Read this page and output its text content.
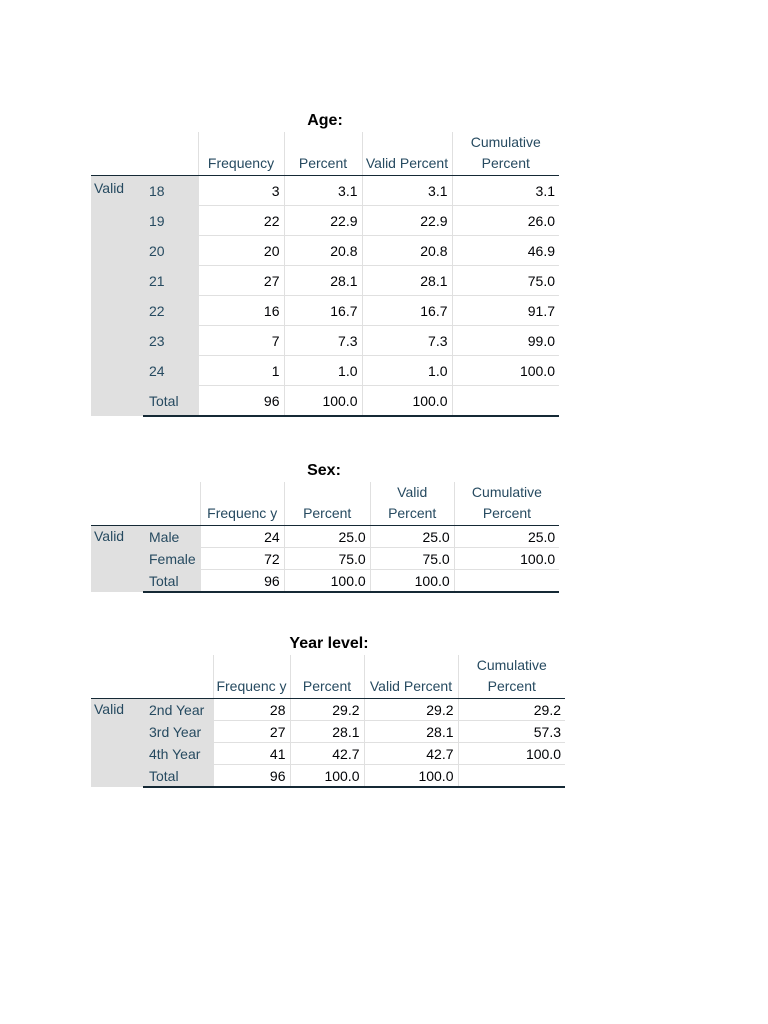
Age:
		Frequency	Percent	Valid Percent	Cumulative Percent
Valid	18	3	3.1	3.1	3.1
	19	22	22.9	22.9	26.0
	20	20	20.8	20.8	46.9
	21	27	28.1	28.1	75.0
	22	16	16.7	16.7	91.7
	23	7	7.3	7.3	99.0
	24	1	1.0	1.0	100.0
	Total	96	100.0	100.0	
Sex:
		Frequenc y	Percent	Valid Percent	Cumulative Percent
Valid	Male	24	25.0	25.0	25.0
	Female	72	75.0	75.0	100.0
	Total	96	100.0	100.0	
Year level:
		Frequenc y	Percent	Valid Percent	Cumulative Percent
Valid	2nd Year	28	29.2	29.2	29.2
	3rd Year	27	28.1	28.1	57.3
	4th Year	41	42.7	42.7	100.0
	Total	96	100.0	100.0	
